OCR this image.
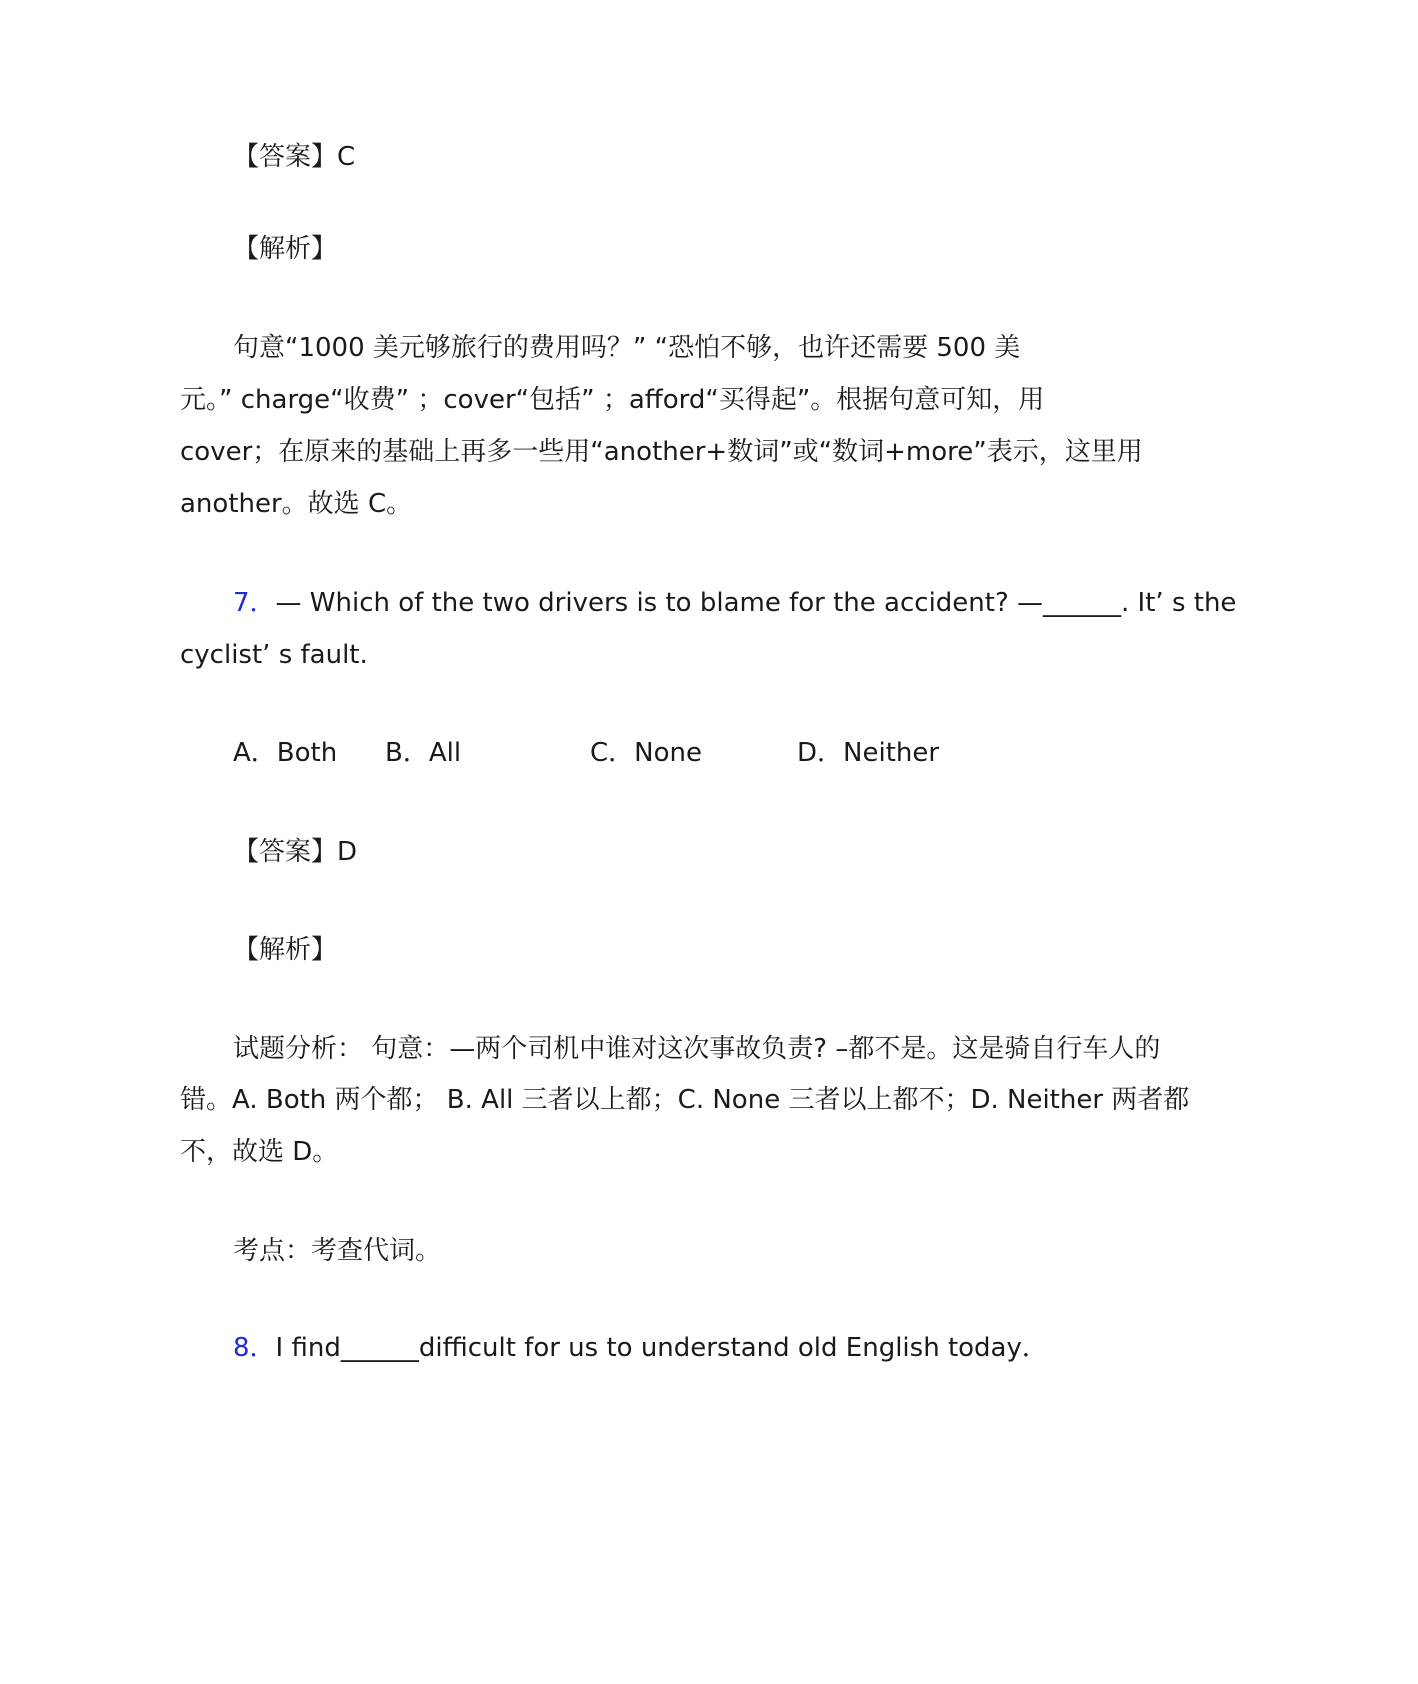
【答案】C
【解析】
句意“1000 美元够旅行的费用吗？” “恐怕不够，也许还需要 500 美
元。” charge“收费” ；cover“包括” ；afford“买得起”。根据句意可知，用
cover；在原来的基础上再多一些用“another+数词”或“数词+more”表示，这里用
another。故选 C。
7．— Which of the two drivers is to blame for the accident? —______. It’ s the
cyclist’ s fault.
A．Both B．All	C．None	D．Neither
【答案】D
【解析】
试题分析： 句意：—两个司机中谁对这次事故负责? –都不是。这是骑自行车人的
错。A. Both 两个都； B. All 三者以上都；C. None 三者以上都不；D. Neither 两者都
不，故选 D。
考点：考查代词。
8．I find______difficult for us to understand old English today．
